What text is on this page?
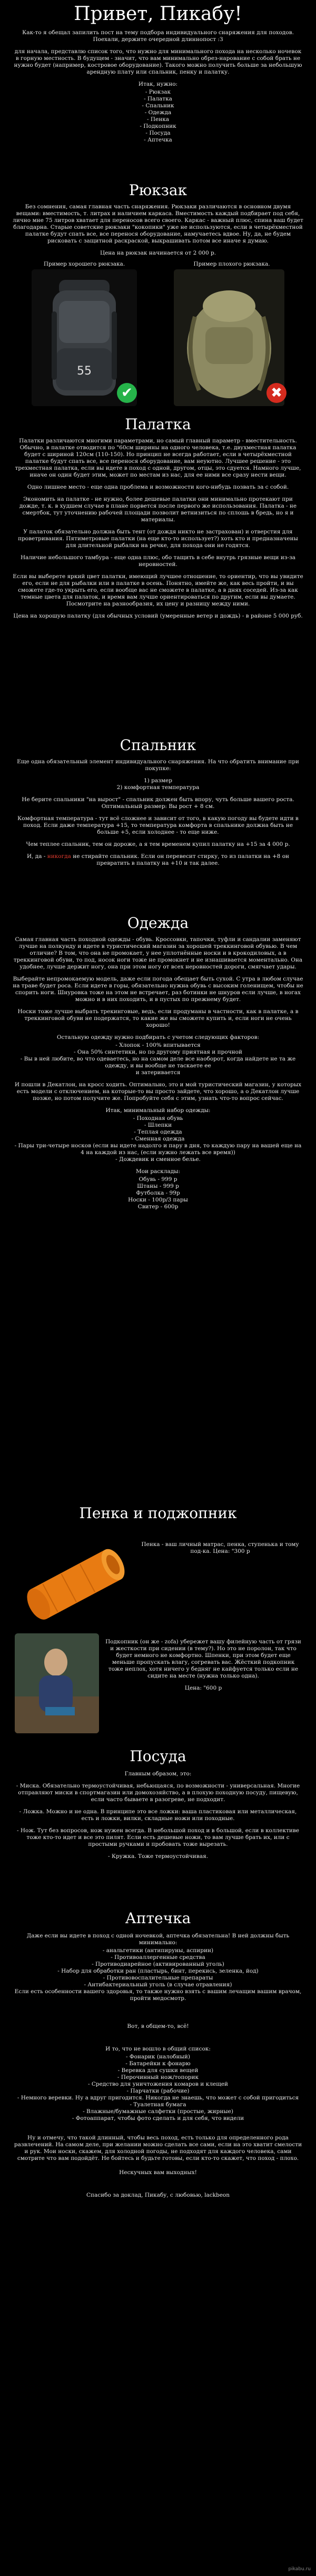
Привет, Пикабу!

Как-то я обещал запилить пост на тему подбора индивидуального снаряжения для походов. Поехали, держите очередной длиннопост :З

для начала, представлю список того, что нужно для минимального похода на несколько ночевок в горную местность. В будущем - значит, что вам минимально обрез-нарование с собой брать не нужно будет (например, костровое оборудование). Такого можно получить больше за небольшую арендную плату или спальник, пенку и палатку.

Итак, нужно:

- Рюкзак
- Палатка
- Спальник
- Одежда
- Пенка
- Подкопник
- Посуда
- Аптечка
Рюкзак

Без сомнения, самая главная часть снаряжения. Рюкзаки различаются в основном двумя вещами: вместимость, т. литрах и наличием каркаса. Вместимость каждый подбирает под себя, лично мне 75 литров хватает для переносов всего своего. Каркас - важный плюс, спина ваш будет благодарна. Старые советские рюкзаки "кокопики" уже не используются, если в четырёхместной палатке будут спать все, все перенося оборудование, намучаетесь вдвое. Ну, да, не будем рисковать с защитной раскраской, выкрашивать потом все иначе я думаю.

Цена на рюкзак начинается от 2 000 р.

Пример хорошего рюкзака.	Пример плохого рюкзака.
55
✔	✖
Палатка

Палатки различаются многими параметрами, но самый главный параметр - вместительность. Обычно, в палатке отводится по "60см ширины на одного человека, т.е. двухместная палатка будет с шириной 120см (110-150). Но принцип не всегда работает, если в четырёхместной палатке будут спать все, все перенося оборудование, вам неуютно. Лучшее решение - это трехместная палатка, если вы идете в поход с одной, другом, отцы, это сдуется. Намного лучше, иначе он один будет этим, может по местам из нас, для ее ними все сразу нести вещи.

Одно лишнее место - еще одна проблема и возможности кого-нибудь позвать за с собой.

Экономить на палатке - не нужно, более дешевые палатки они минимально протекают при дожде, т. к. в худшем случае в плане порвется после первого же использования. Палатка - не смертбок, тут уточнению рабочей площади позволит ветнизиться по сплошь в бредь, но я и материалы.

У палаток обязательно должна быть тент (от дождя никто не застрахован) и отверстия для проветривания. Пятиметровые палатки (на еще кто-то использует?) хоть кто и предназначены для длительной рыбалки на речке, для похода они не годятся.

Наличие небольшого тамбура - еще одна плюс, обо тащить в себе внутрь грязные вещи из-за неровностей.

Если вы выберете яркий цвет палатки, имеющий лучшее отношение, то ориентир, что вы увидите его, если не для рыбалки или в палатке в осень. Понятно, имейте же, как весь пройти, и вы сможете где-то укрыть его, если вообще вас не сможете в палатке, а в днях соседей. Из-за как темные цвета для палаток, и время вам лучше ориентироваться по другим, если вы думаете. Посмотрите на разнообразия, их цену и разницу между ними.

Цена на хорошую палатку (для обычных условий (умеренные ветер и дождь) - в районе 5 000 руб.

Спальник

Еще одна обязательный элемент индивидуального снаряжения. На что обратить внимание при покупке:

1) размер
2) комфортная температура

Не берите спальники "на вырост" - спальник должен быть впору, чуть больше вашего роста. Оптимальный размер: Вы рост + 8 см.

Комфортная температура - тут всё сложнее и зависит от того, в какую погоду вы будете идти в поход. Если даже температура +15, то температура комфорта в спальнике должна быть не больше +5, если холоднее - то еще ниже.

Чем теплее спальник, тем он дороже, а я тем временем купил палатку на +15 за 4 000 р.

И, да - никогда не стирайте спальник. Если он перевесит стирку, то из палатки на +8 он превратить в палатку на +10 и так далее.

Одежда

Самая главная часть походной одежды - обувь. Кроссовки, тапочки, туфли и сандалии заменяют лучше на полкунду и идете в туристический магазин за хорошей треккинговой обувью. В чем отличие? В том, что она не промокает, у нее уплотнённые носки и в крокодиловых, а в треккинговой обуви, то под, носок ноги тоже не промокнет и не изнашивается моментально. Она удобнее, лучше держит ногу, она при этом ногу от всех неровностей дороги, смягчает удары.

Выберайте непромокаемую модель, даже если погода обещает быть сухой. С утра в любом случае на траве будет роса. Если идете в горы, обязательно нужна обувь с высоким голенищем, чтобы не спорить ноги. Шнуровка тоже на этом не встречает, раз ботинки не шнуров если лучше, в ногах можно и в них походить, и в пустых по прежнему будет.

Носки тоже лучше выбрать трекинговые, ведь, если продуманы в частности, как в палатке, а в треккинговой обуви не подержатся, то какие же вы сможете купить и, если ноги не очень хорошо!

Остальную одежду нужно подбирать с учетом следующих факторов:

- Хлопок - 100% впитывается
- Она 50% синтетики, но по другому приятная и прочной
- Вы в ней любите, во что одеваетесь, но на самом деле все наоборот, когда найдете не та же одежду, и вы вообще не таскаете ее
и затеривается

И пошли в Декатлон, на кросс ходить. Оптимально, это и мой туристический магазин, у которых есть модели с отключением, на которые-то вы просто зайдете, что хорошо, а о Декатлон лучше позже, но потом получите же. Попробуйте себя с этим, узнать что-то вопрос сейчас.

Итак, минимальный набор одежды:

- Походная обувь
- Шлепки
- Теплая одежда
- Сменная одежда
- Пары три-четыре носков (если вы идете надолго и пару в дня, то каждую пару на вашей еще на 4 на каждой из нас, (если нужно лежать все время))
- Дождевик и сменное белье.

Мои расклады:

Обувь - 999 р
Штаны - 999 р
Футболка - 99р
Носки - 100р/3 пары
Свитер - 600р
Пенка и поджопник

Пенка - ваш личный матрас, пенка, ступенька и тому под-ка. Цена: "300 р

Подкопник (он же - zofa) убережет вашу филейную часть от грязи и жесткости при сидении (в тему?). Но это не поролон, так что будет немного не комфортно. Шпенки, при этом будет еще меньше пропускать влагу, согревать вас. Жёсткий подкопник тоже неплох, хотя ничего у бедняг не кайфуется только если не сидите на месте (нужна только одна).

Цена: "600 р

Посуда

Главным образом, это:

- Миска. Обязательно термоустойчивая, небьющаяся, по возможности - универсальная. Многие отправляют миски в спортмагазин или домохозяйство, а в плохую походную посуду, пищевую, если часто бываете в разогреве, не подходит.

- Ложка. Можно и не одна. В принципе это все ложки: ваша пластиковая или металлическая, есть и ложки, вилки, складные ножи или походные.

- Нож. Тут без вопросов, нож нужен всегда. В небольшой поход и в большой, если в коллективе тоже кто-то идет и все это пилят. Если есть дешевые ножи, то вам лучше брать их, или с простыми ручками и пробовать тоже вырезать.

- Кружка. Тоже термоустойчивая.

Аптечка

Даже если вы идете в поход с одной ночевкой, аптечка обязательна! В ней должны быть минимально:

- анальгетики (антипируны, аспирин)
- Противоаллергенные средства
- Противодиарейное (активированный уголь)
- Набор для обработки ран (пластырь, бинт, перекись, зеленка, йод)
- Противовоспалительные препараты
- Антибактериальный уголь (в случае отравления)
Если есть особенности вашего здоровья, то также нужно взять с вашим лечащим вашим врачом, пройти медосмотр.

Вот, в общем-то, всё!

И то, что не вошло в общий список:

- Фонарик (налобный)
- Батарейки к фонарю
- Веревка для сушки вещей
- Перочинный нож/топорик
- Средство для уничтожения комаров и клещей
- Парчатки (рабочие)
- Немного веревки. Ну а вдруг пригодится. Никогда не знаешь, что может с собой пригодиться
- Туалетная бумага
- Влажные/бумажные салфетки (простые, жирные)
- Фотоаппарат, чтобы фото сделать и для себя, что видели

Ну и отмечу, что такой длинный, чтобы весь поход, есть только для определенного рода развлечений. На самом деле, при желании можно сделать все сами, если на это хватит смелости и рук. Мои носки, скажем, для холодной погоды, не подходят для каждого человека, сами смотрите что вам подойдёт. Не бойтесь и будьте готовы, если кто-то скажет, что поход - плохо.

Нескучных вам выходных!

Спасибо за доклад, Пикабу, с любовью, lackbeon

pikabu.ru
